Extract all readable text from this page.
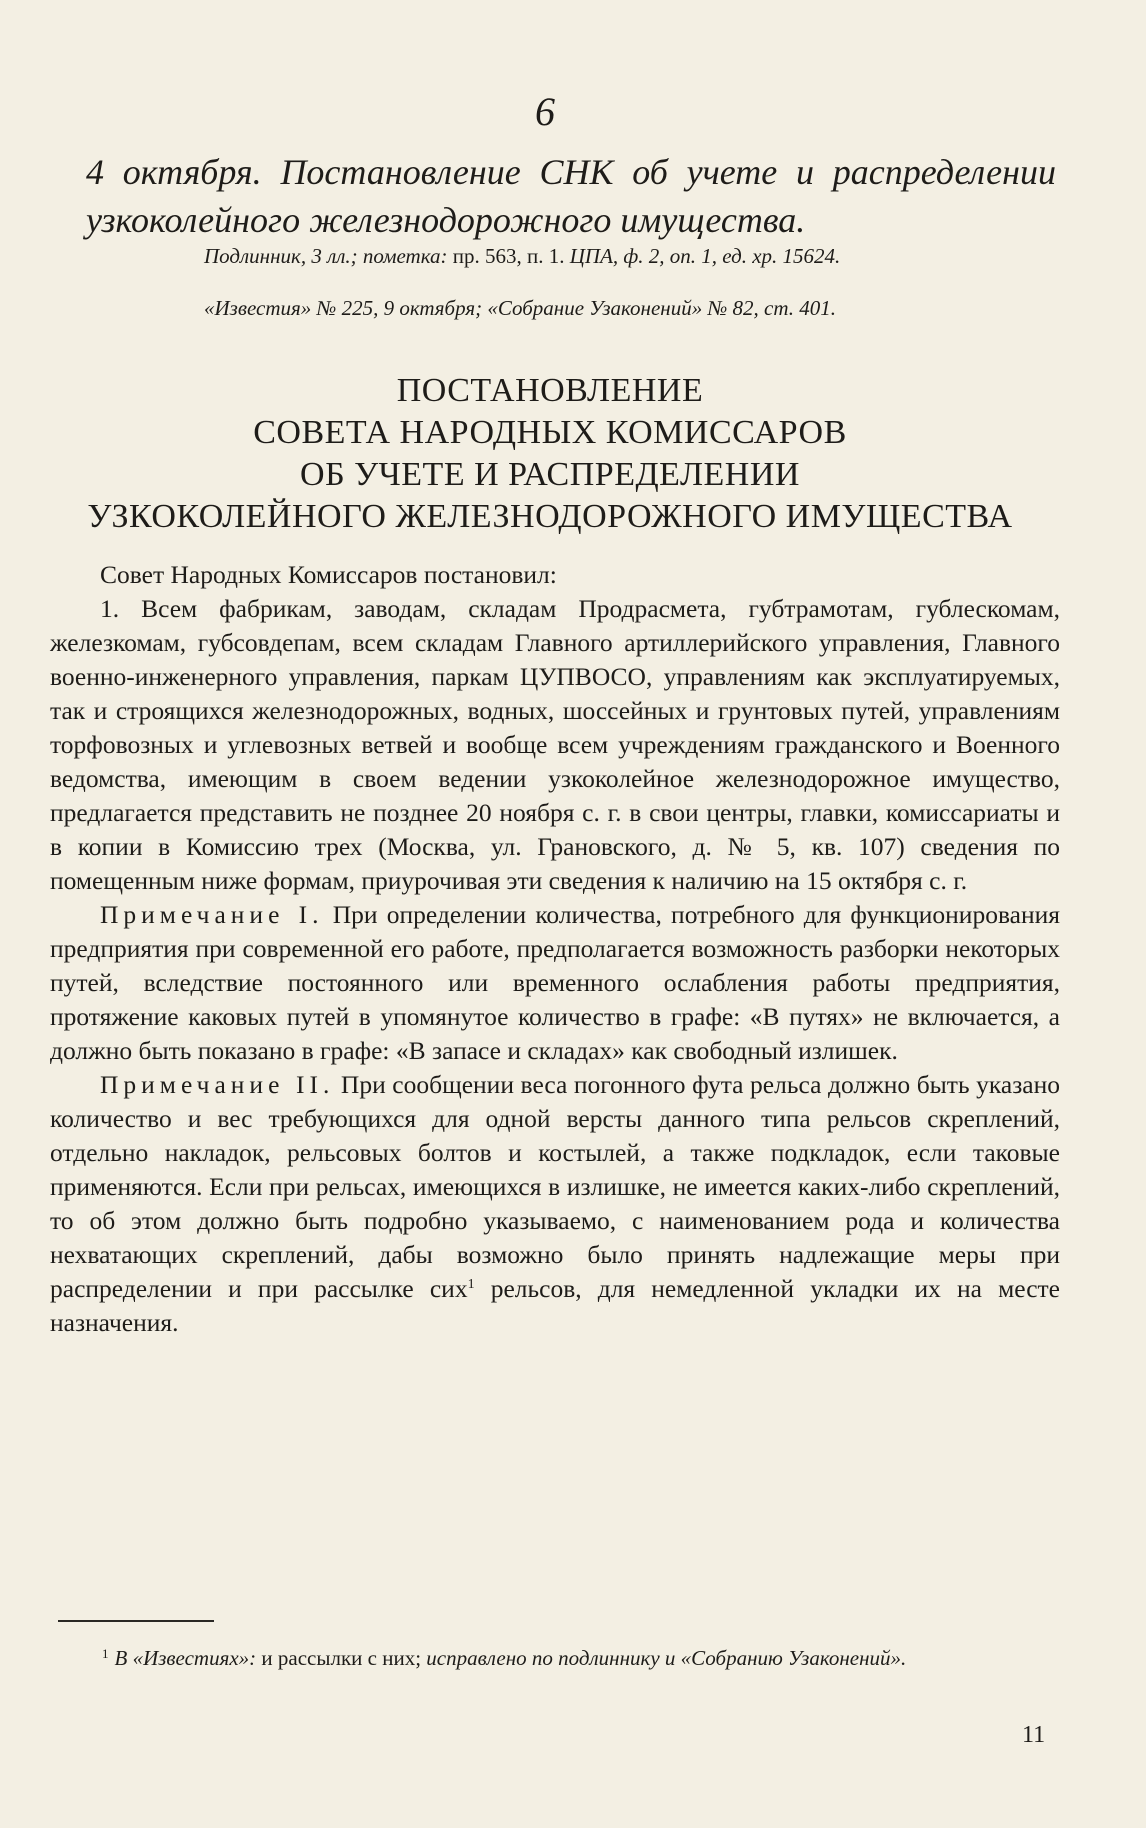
6
4 октября. Постановление СНК об учете и распределении узкоколейного железнодорожного имущества.
Подлинник, 3 лл.; пометка: пр. 563, п. 1. ЦПА, ф. 2, оп. 1, ед. хр. 15624.
«Известия» № 225, 9 октября; «Собрание Узаконений» № 82, ст. 401.
ПОСТАНОВЛЕНИЕ
СОВЕТА НАРОДНЫХ КОМИССАРОВ
ОБ УЧЕТЕ И РАСПРЕДЕЛЕНИИ
УЗКОКОЛЕЙНОГО ЖЕЛЕЗНОДОРОЖНОГО ИМУЩЕСТВА

Совет Народных Комиссаров постановил:

1. Всем фабрикам, заводам, складам Продрасмета, губтрамотам, гублескомам, железкомам, губсовдепам, всем складам Главного артиллерийского управления, Главного военно-инженерного управления, паркам ЦУПВОСО, управлениям как эксплуатируемых, так и строящихся железнодорожных, водных, шоссейных и грунтовых путей, управлениям торфовозных и углевозных ветвей и вообще всем учреждениям гражданского и Военного ведомства, имеющим в своем ведении узкоколейное железнодорожное имущество, предлагается представить не позднее 20 ноября с. г. в свои центры, главки, комиссариаты и в копии в Комиссию трех (Москва, ул. Грановского, д. № 5, кв. 107) сведения по помещенным ниже формам, приурочивая эти сведения к наличию на 15 октября с. г.

Примечание I. При определении количества, потребного для функционирования предприятия при современной его работе, предполагается возможность разборки некоторых путей, вследствие постоянного или временного ослабления работы предприятия, протяжение каковых путей в упомянутое количество в графе: «В путях» не включается, а должно быть показано в графе: «В запасе и складах» как свободный излишек.

Примечание II. При сообщении веса погонного фута рельса должно быть указано количество и вес требующихся для одной версты данного типа рельсов скреплений, отдельно накладок, рельсовых болтов и костылей, а также подкладок, если таковые применяются. Если при рельсах, имеющихся в излишке, не имеется каких-либо скреплений, то об этом должно быть подробно указываемо, с наименованием рода и количества нехватающих скреплений, дабы возможно было принять надлежащие меры при распределении и при рассылке сих$^1$ рельсов, для немедленной укладки их на месте назначения.

$^1$ В «Известиях»: и рассылки с них; исправлено по подлиннику и «Собранию Узаконений».
11
